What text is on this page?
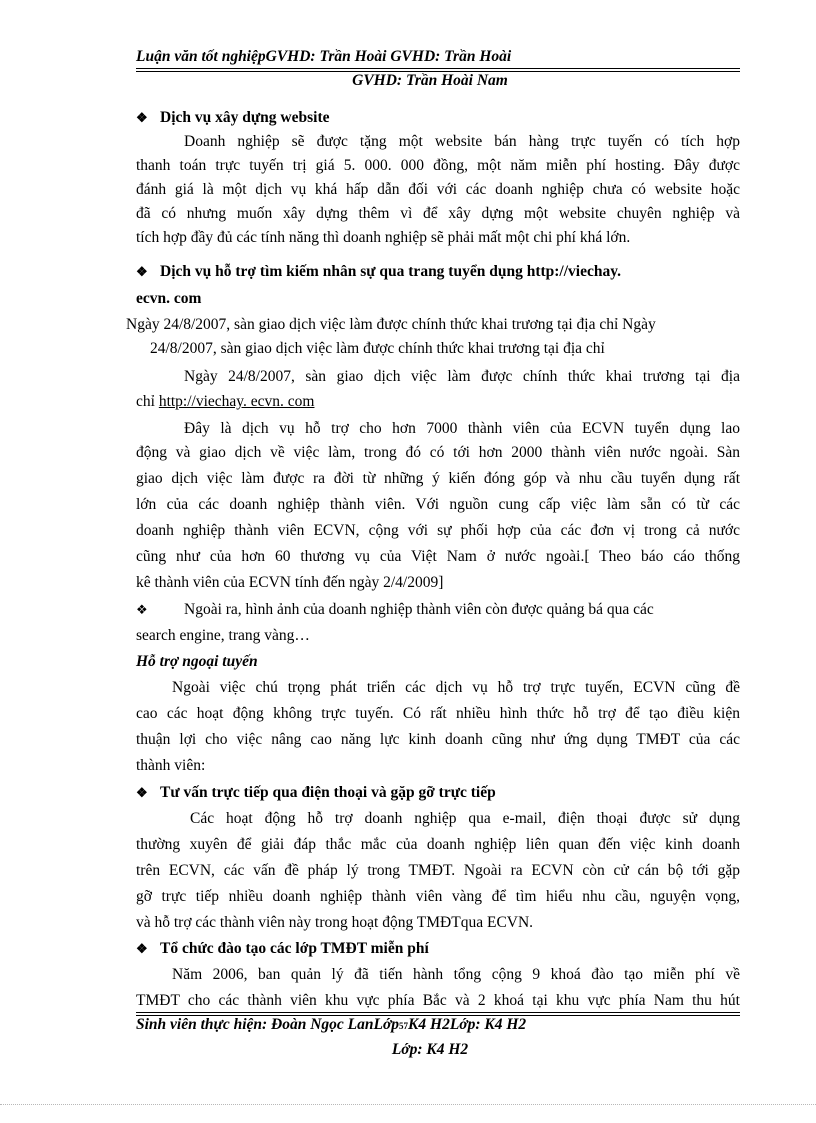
Luận văn tốt nghiệpGVHD: Trần Hoài GVHD: Trần Hoài
GVHD: Trần Hoài Nam
❖ Dịch vụ xây dựng website
Doanh nghiệp sẽ được tặng một website bán hàng trực tuyến có tích hợp
thanh toán trực tuyến trị giá 5. 000. 000 đồng, một năm miễn phí hosting. Đây được
đánh giá là một dịch vụ khá hấp dẫn đối với các doanh nghiệp chưa có website hoặc
đã có nhưng muốn xây dựng thêm vì để xây dựng một website chuyên nghiệp và
tích hợp đầy đủ các tính năng thì doanh nghiệp sẽ phải mất một chi phí khá lớn.
❖ Dịch vụ hỗ trợ tìm kiếm nhân sự qua trang tuyển dụng http://viechay.
ecvn. com
Ngày 24/8/2007, sàn giao dịch việc làm được chính thức khai trương tại địa chỉ Ngày
24/8/2007, sàn giao dịch việc làm được chính thức khai trương tại địa chỉ
Ngày 24/8/2007, sàn giao dịch việc làm được chính thức khai trương tại địa
chỉ http://viechay. ecvn. com
Đây là dịch vụ hỗ trợ cho hơn 7000 thành viên của ECVN tuyển dụng lao
động và giao dịch về việc làm, trong đó có tới hơn 2000 thành viên nước ngoài. Sàn
giao dịch việc làm được ra đời từ những ý kiến đóng góp và nhu cầu tuyển dụng rất
lớn của các doanh nghiệp thành viên. Với nguồn cung cấp việc làm sẵn có từ các
doanh nghiệp thành viên ECVN, cộng với sự phối hợp của các đơn vị trong cả nước
cũng như của hơn 60 thương vụ của Việt Nam ở nước ngoài.[ Theo báo cáo thống
kê thành viên của ECVN tính đến ngày 2/4/2009]
❖ Ngoài ra, hình ảnh của doanh nghiệp thành viên còn được quảng bá qua các
search engine, trang vàng…
Hỗ trợ ngoại tuyến
Ngoài việc chú trọng phát triển các dịch vụ hỗ trợ trực tuyến, ECVN cũng đề
cao các hoạt động không trực tuyến. Có rất nhiều hình thức hỗ trợ để tạo điều kiện
thuận lợi cho việc nâng cao năng lực kinh doanh cũng như ứng dụng TMĐT của các
thành viên:
❖ Tư vấn trực tiếp qua điện thoại và gặp gỡ trực tiếp
Các hoạt động hỗ trợ doanh nghiệp qua e-mail, điện thoại được sử dụng
thường xuyên để giải đáp thắc mắc của doanh nghiệp liên quan đến việc kinh doanh
trên ECVN, các vấn đề pháp lý trong TMĐT. Ngoài ra ECVN còn cử cán bộ tới gặp
gỡ trực tiếp nhiều doanh nghiệp thành viên vàng để tìm hiểu nhu cầu, nguyện vọng,
và hỗ trợ các thành viên này trong hoạt động TMĐTqua ECVN.
❖ Tổ chức đào tạo các lớp TMĐT miễn phí
Năm 2006, ban quản lý đã tiến hành tổng cộng 9 khoá đào tạo miễn phí về
TMĐT cho các thành viên khu vực phía Bắc và 2 khoá tại khu vực phía Nam thu hút
Sinh viên thực hiện: Đoàn Ngọc LanLớp57K4 H2Lớp: K4 H2
Lớp: K4 H2
